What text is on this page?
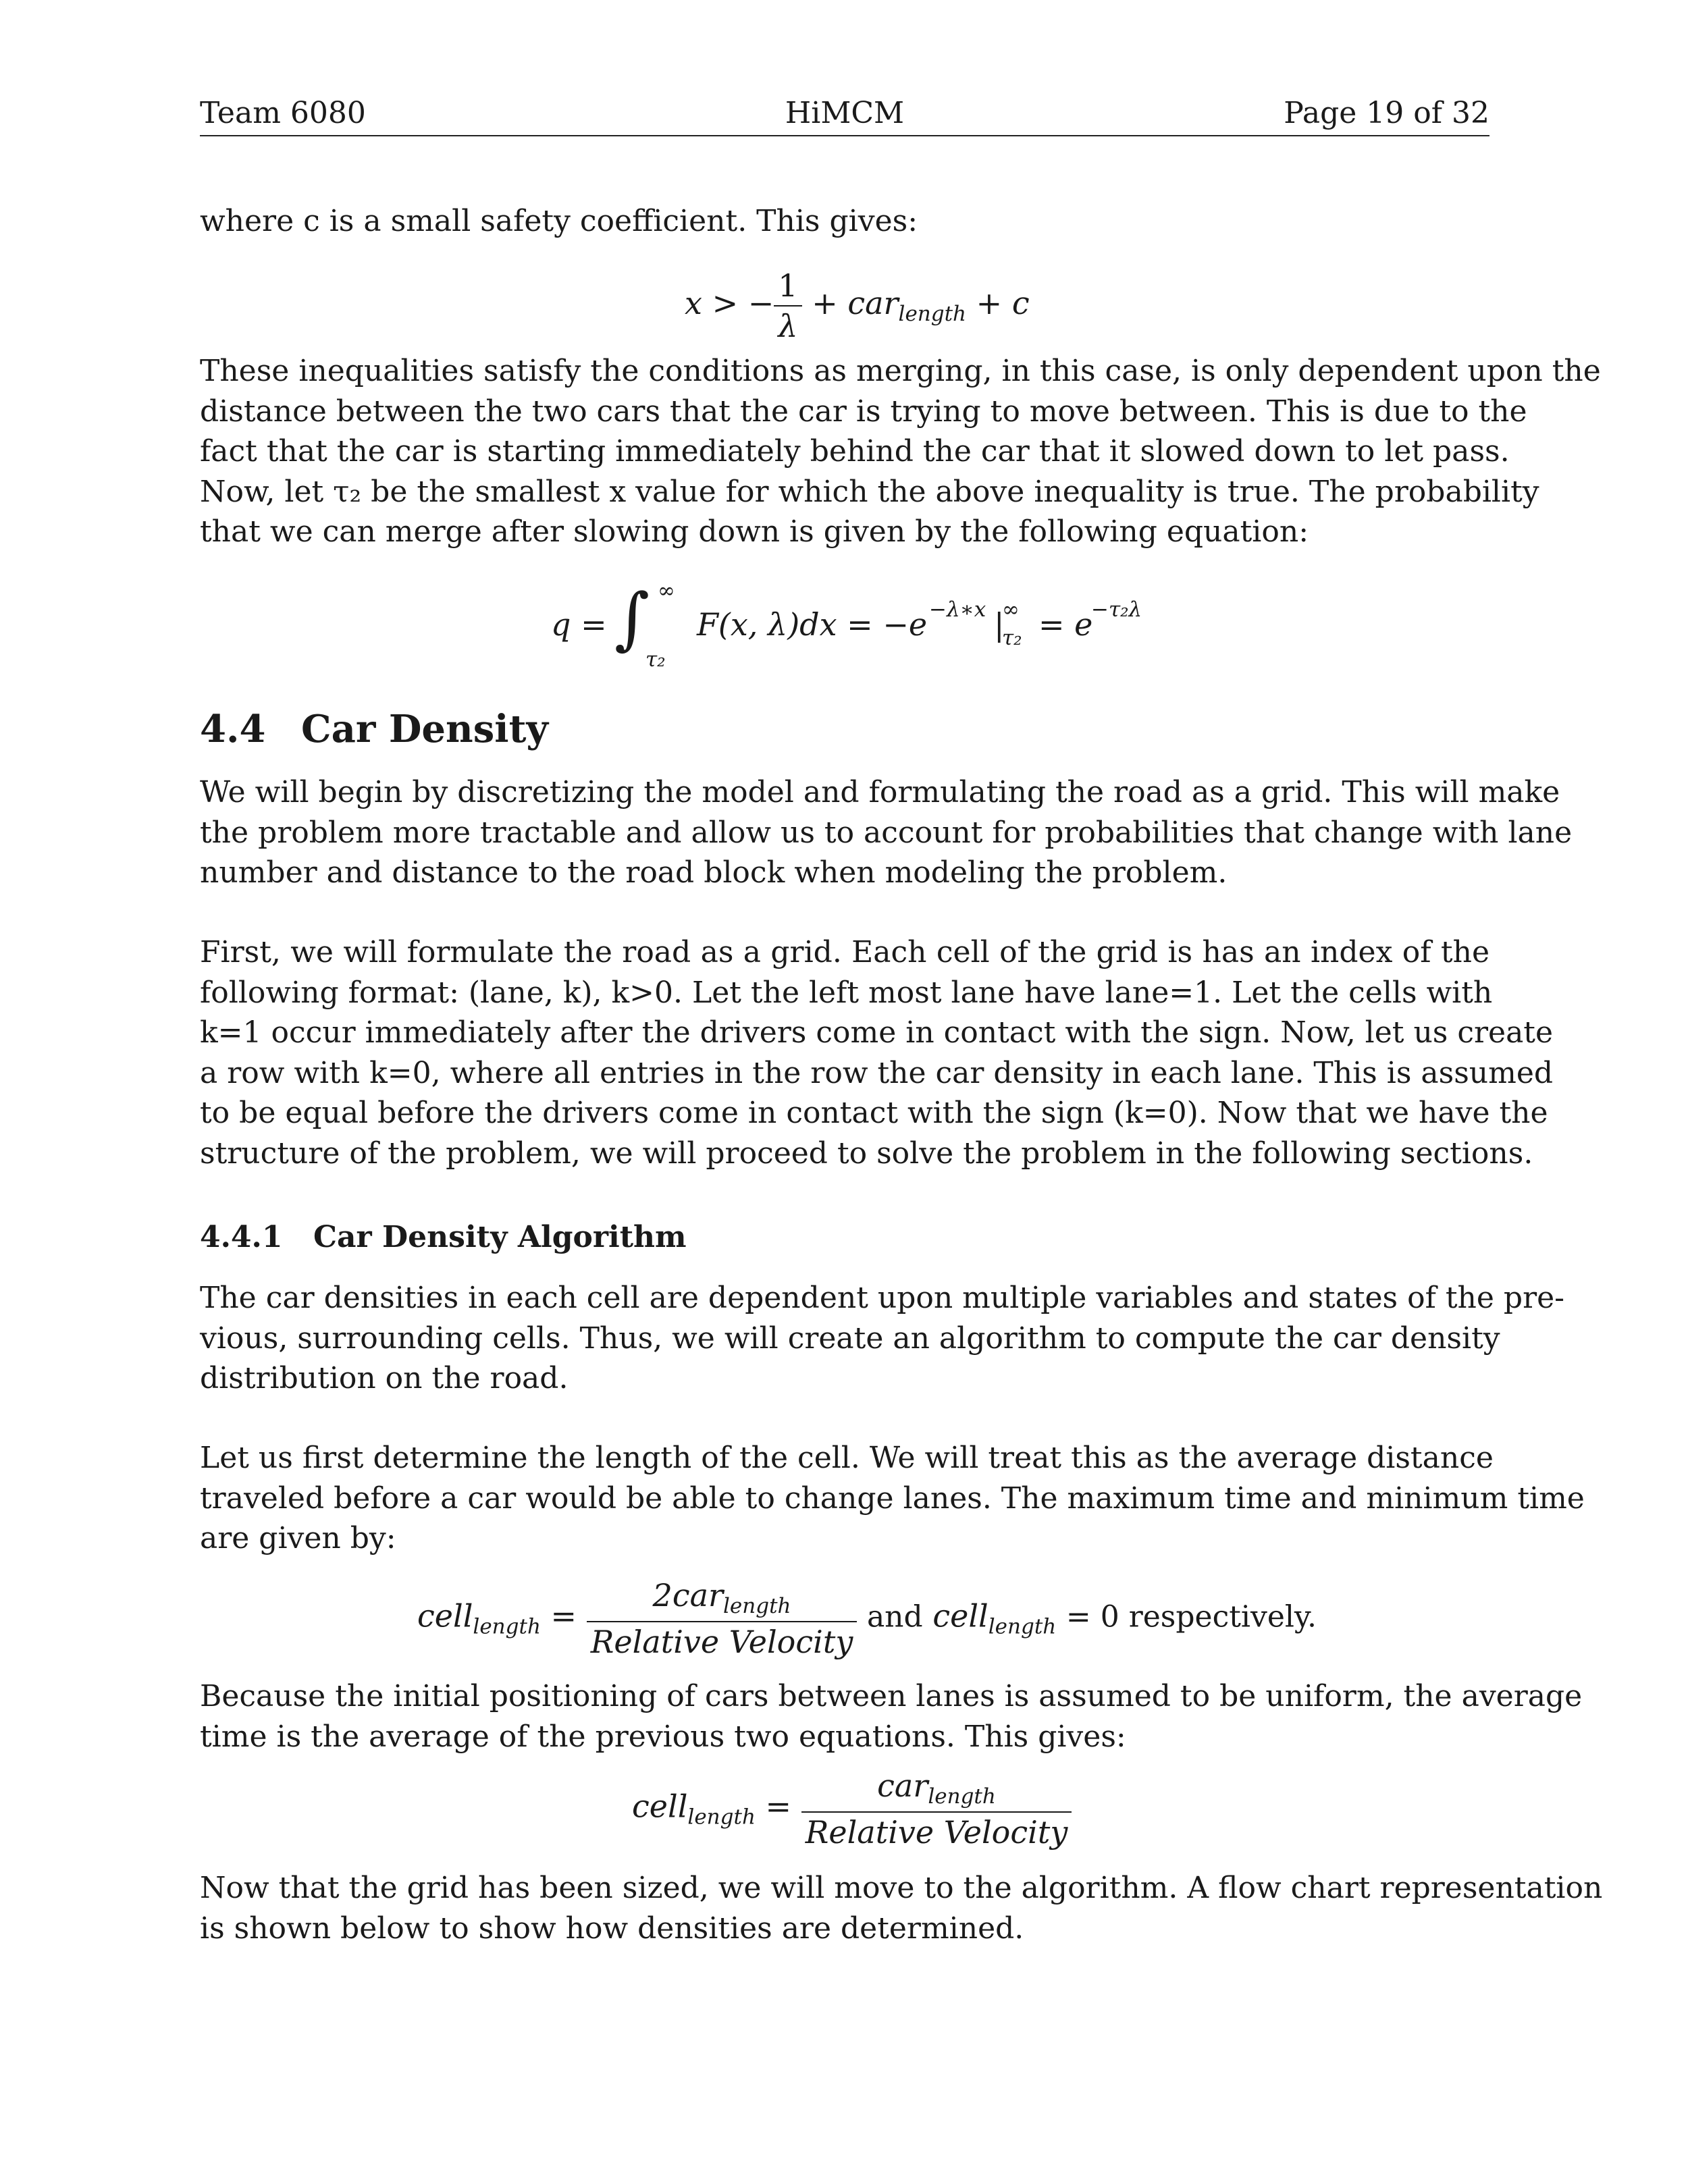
Team 6080	HiMCM	Page 19 of 32
where c is a small safety coefficient. This gives:
x > − $\frac{1}{\lambda} + car_{length} + c$
These inequalities satisfy the conditions as merging, in this case, is only dependent upon the
distance between the two cars that the car is trying to move between. This is due to the
fact that the car is starting immediately behind the car that it slowed down to let pass.
Now, let τ₂ be the smallest x value for which the above inequality is true. The probability
that we can merge after slowing down is given by the following equation:
q = ∫ ∞
τ₂
F(x, λ)dx = −e −λ∗x |
∞
τ₂ = e
−τ₂λ
4.4 Car Density
We will begin by discretizing the model and formulating the road as a grid. This will make
the problem more tractable and allow us to account for probabilities that change with lane
number and distance to the road block when modeling the problem.
First, we will formulate the road as a grid. Each cell of the grid is has an index of the
following format: (lane, k), k>0. Let the left most lane have lane=1. Let the cells with
k=1 occur immediately after the drivers come in contact with the sign. Now, let us create
a row with k=0, where all entries in the row the car density in each lane. This is assumed
to be equal before the drivers come in contact with the sign (k=0). Now that we have the
structure of the problem, we will proceed to solve the problem in the following sections.
4.4.1 Car Density Algorithm
The car densities in each cell are dependent upon multiple variables and states of the pre-
vious, surrounding cells. Thus, we will create an algorithm to compute the car density
distribution on the road.
Let us first determine the length of the cell. We will treat this as the average distance
traveled before a car would be able to change lanes. The maximum time and minimum time
are given by:
cell$_{length}$ = $\frac{2car_{length}}{\text{Relative Velocity}}$ and cell$_{length}$ = 0 respectively.
Because the initial positioning of cars between lanes is assumed to be uniform, the average
time is the average of the previous two equations. This gives:
cell$_{length}$ = $\frac{car_{length}}{\text{Relative Velocity}}$
Now that the grid has been sized, we will move to the algorithm. A flow chart representation
is shown below to show how densities are determined.
